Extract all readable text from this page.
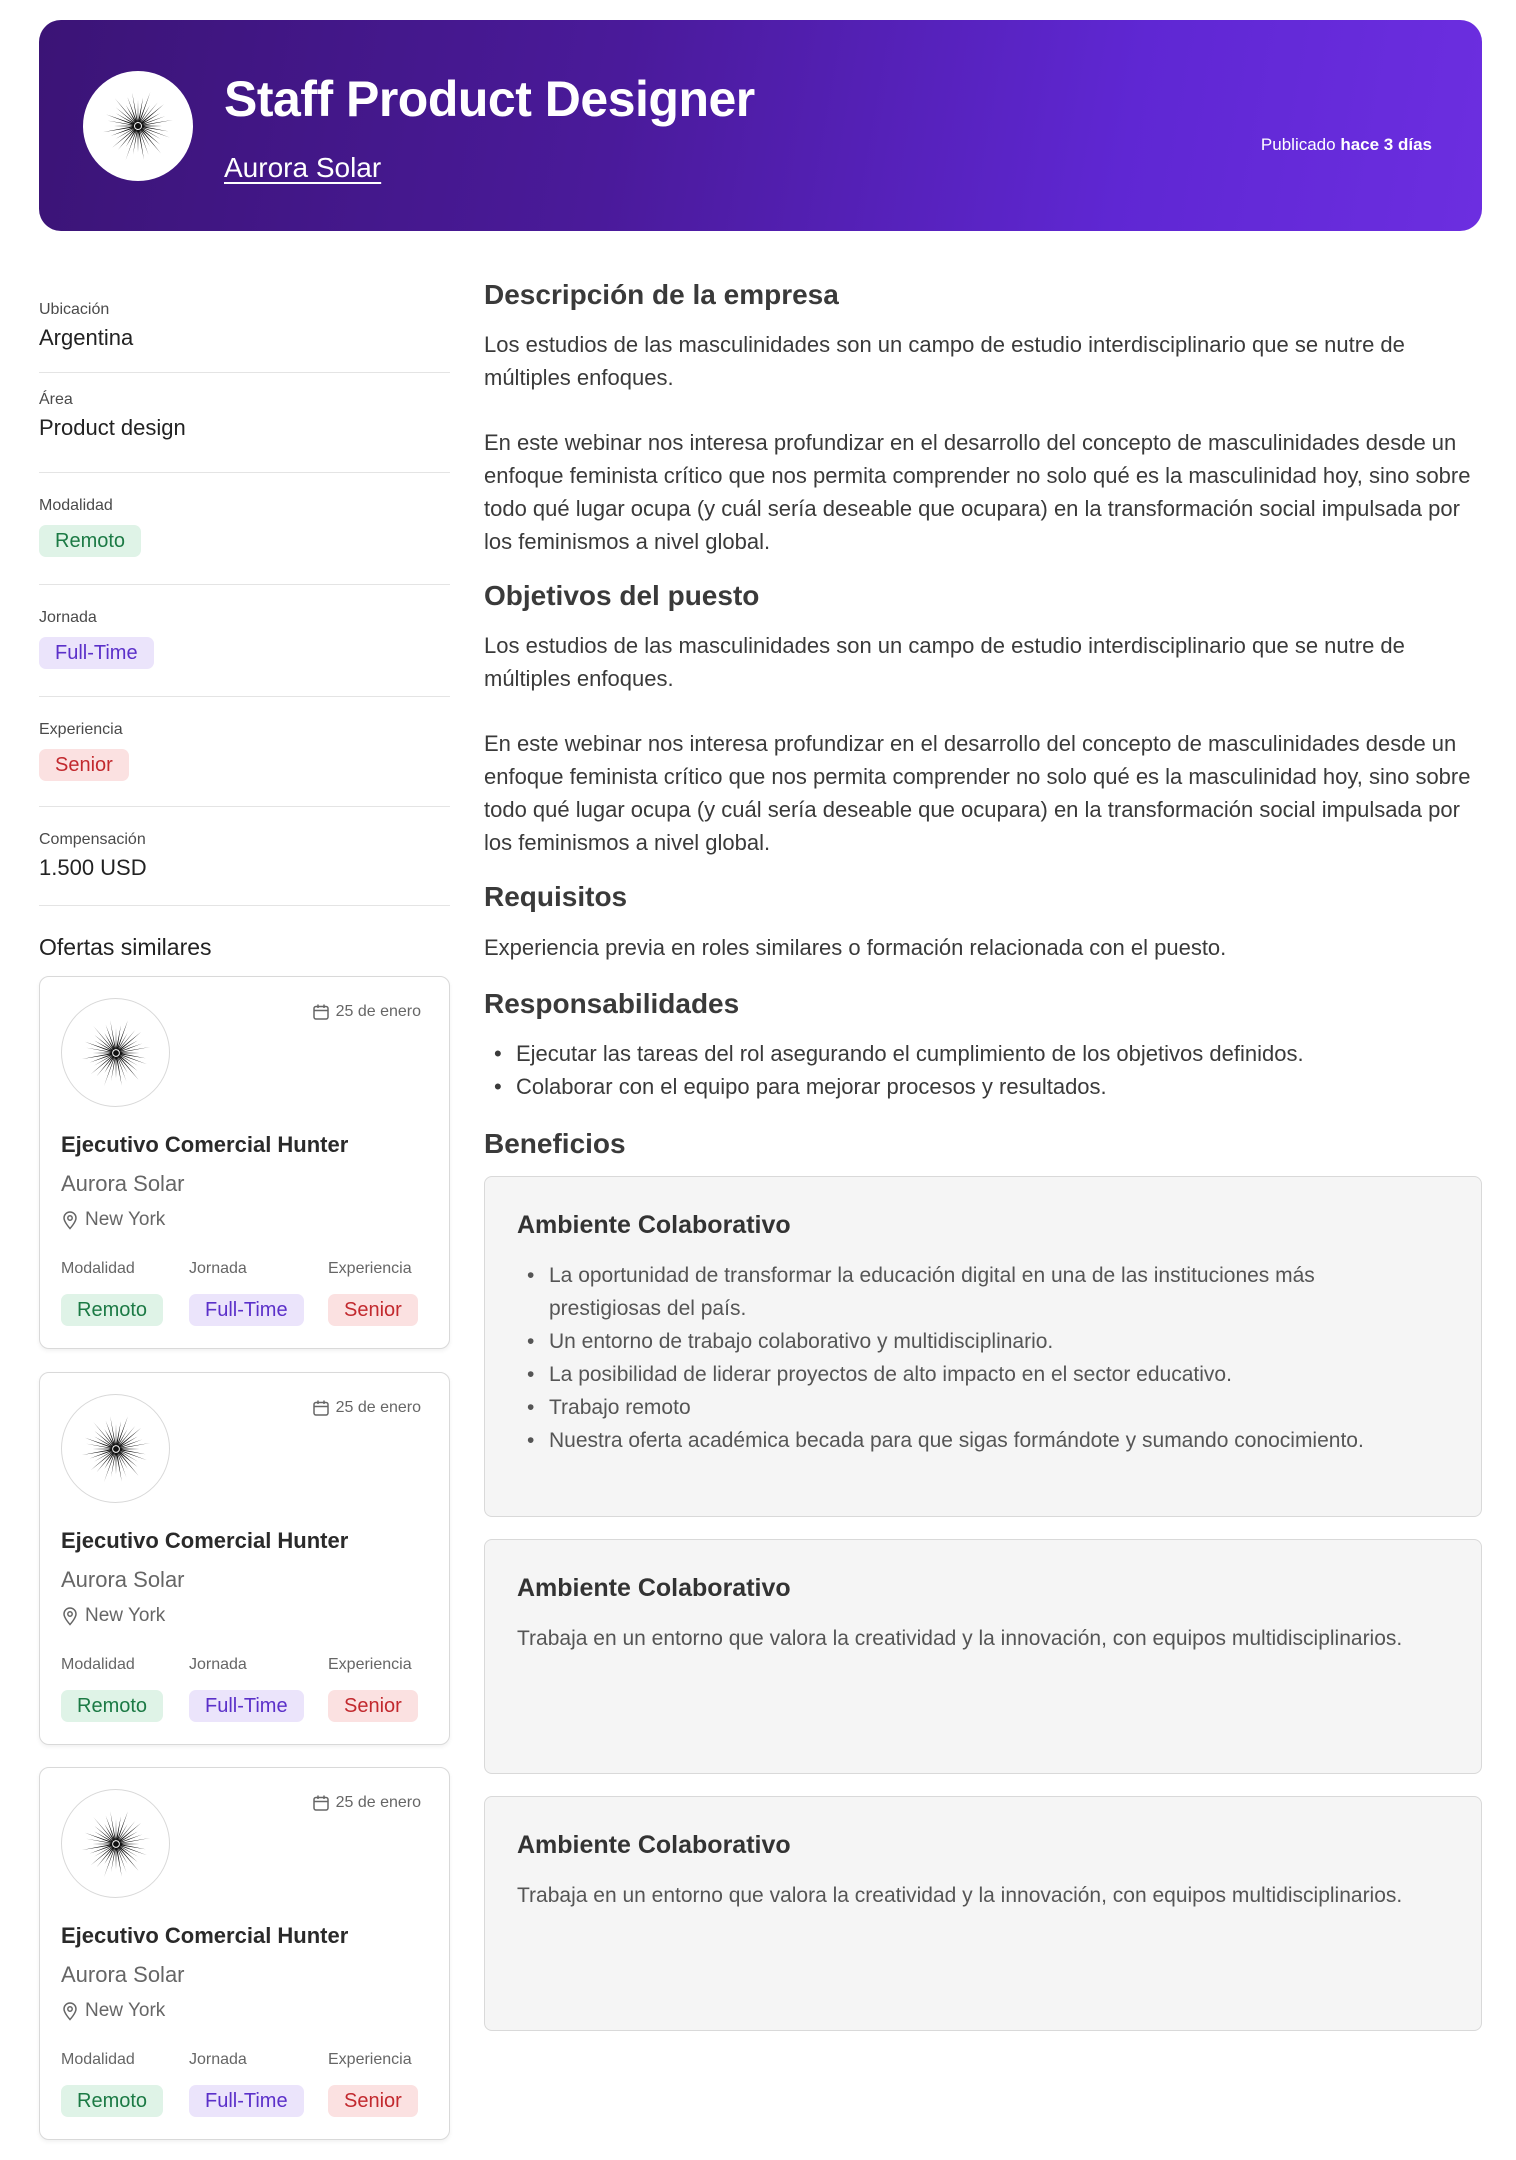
Staff Product Designer
Aurora Solar
Publicado hace 3 días
Ubicación
Argentina
Área
Product design
Modalidad
Remoto
Jornada
Full-Time
Experiencia
Senior
Compensación
1.500 USD
Ofertas similares
25 de enero
Ejecutivo Comercial Hunter
Aurora Solar
New York
Modalidad	Jornada	Experiencia
Remoto	Full-Time	Senior
25 de enero
Ejecutivo Comercial Hunter
Aurora Solar
New York
Modalidad	Jornada	Experiencia
Remoto	Full-Time	Senior
25 de enero
Ejecutivo Comercial Hunter
Aurora Solar
New York
Modalidad	Jornada	Experiencia
Remoto	Full-Time	Senior
Descripción de la empresa
Los estudios de las masculinidades son un campo de estudio interdisciplinario que se nutre de múltiples enfoques.
En este webinar nos interesa profundizar en el desarrollo del concepto de masculinidades desde un enfoque feminista crítico que nos permita comprender no solo qué es la masculinidad hoy, sino sobre todo qué lugar ocupa (y cuál sería deseable que ocupara) en la transformación social impulsada por los feminismos a nivel global.
Objetivos del puesto
Los estudios de las masculinidades son un campo de estudio interdisciplinario que se nutre de múltiples enfoques.
En este webinar nos interesa profundizar en el desarrollo del concepto de masculinidades desde un enfoque feminista crítico que nos permita comprender no solo qué es la masculinidad hoy, sino sobre todo qué lugar ocupa (y cuál sería deseable que ocupara) en la transformación social impulsada por los feminismos a nivel global.
Requisitos
Experiencia previa en roles similares o formación relacionada con el puesto.
Responsabilidades
• Ejecutar las tareas del rol asegurando el cumplimiento de los objetivos definidos.
• Colaborar con el equipo para mejorar procesos y resultados.
Beneficios
Ambiente Colaborativo
• La oportunidad de transformar la educación digital en una de las instituciones más prestigiosas del país.
• Un entorno de trabajo colaborativo y multidisciplinario.
• La posibilidad de liderar proyectos de alto impacto en el sector educativo.
• Trabajo remoto
• Nuestra oferta académica becada para que sigas formándote y sumando conocimiento.
Ambiente Colaborativo
Trabaja en un entorno que valora la creatividad y la innovación, con equipos multidisciplinarios.
Ambiente Colaborativo
Trabaja en un entorno que valora la creatividad y la innovación, con equipos multidisciplinarios.
